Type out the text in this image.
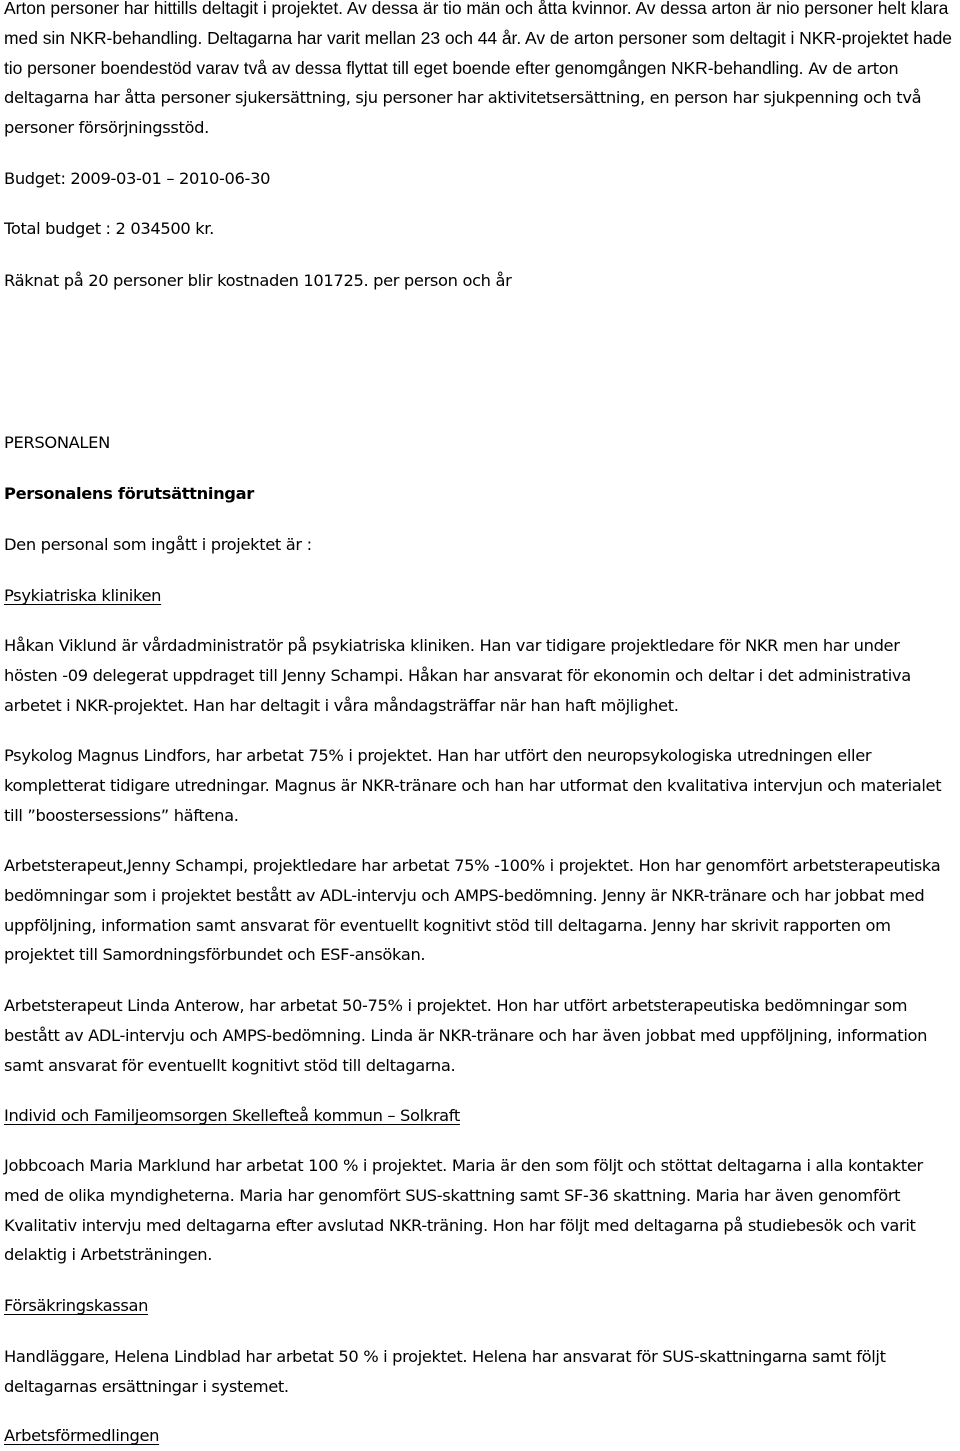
Arton personer har hittills deltagit i projektet. Av dessa är tio män och åtta kvinnor. Av dessa arton är nio personer helt klara med sin NKR-behandling. Deltagarna har varit mellan 23 och 44 år. Av de arton personer som deltagit i NKR-projektet hade tio personer boendestöd varav två av dessa flyttat till eget boende efter genomgången NKR-behandling. Av de arton deltagarna har åtta personer sjukersättning, sju personer har aktivitetsersättning, en person har sjukpenning och två personer försörjningsstöd.

Budget: 2009-03-01 – 2010-06-30

Total budget : 2 034500 kr.

Räknat på 20 personer blir kostnaden 101725. per person och år

PERSONALEN

Personalens förutsättningar

Den personal som ingått i projektet är :

Psykiatriska kliniken

Håkan Viklund är vårdadministratör på psykiatriska kliniken. Han var tidigare projektledare för NKR men har under hösten -09 delegerat uppdraget till Jenny Schampi. Håkan har ansvarat för ekonomin och deltar i det administrativa arbetet i NKR-projektet. Han har deltagit i våra måndagsträffar när han haft möjlighet.

Psykolog Magnus Lindfors, har arbetat 75% i projektet. Han har utfört den neuropsykologiska utredningen eller kompletterat tidigare utredningar. Magnus är NKR-tränare och han har utformat den kvalitativa intervjun och materialet till ”boostersessions” häftena.

Arbetsterapeut,Jenny Schampi, projektledare har arbetat 75% -100% i projektet. Hon har genomfört arbetsterapeutiska bedömningar som i projektet bestått av ADL-intervju och AMPS-bedömning. Jenny är NKR-tränare och har jobbat med uppföljning, information samt ansvarat för eventuellt kognitivt stöd till deltagarna. Jenny har skrivit rapporten om projektet till Samordningsförbundet och ESF-ansökan.

Arbetsterapeut Linda Anterow, har arbetat 50-75% i projektet. Hon har utfört arbetsterapeutiska bedömningar som bestått av ADL-intervju och AMPS-bedömning. Linda är NKR-tränare och har även jobbat med uppföljning, information samt ansvarat för eventuellt kognitivt stöd till deltagarna.

Individ och Familjeomsorgen Skellefteå kommun – Solkraft

Jobbcoach Maria Marklund har arbetat 100 % i projektet. Maria är den som följt och stöttat deltagarna i alla kontakter med de olika myndigheterna. Maria har genomfört SUS-skattning samt SF-36 skattning. Maria har även genomfört Kvalitativ intervju med deltagarna efter avslutad NKR-träning. Hon har följt med deltagarna på studiebesök och varit delaktig i Arbetsträningen.

Försäkringskassan

Handläggare, Helena Lindblad har arbetat 50 % i projektet. Helena har ansvarat för SUS-skattningarna samt följt deltagarnas ersättningar i systemet.

Arbetsförmedlingen
